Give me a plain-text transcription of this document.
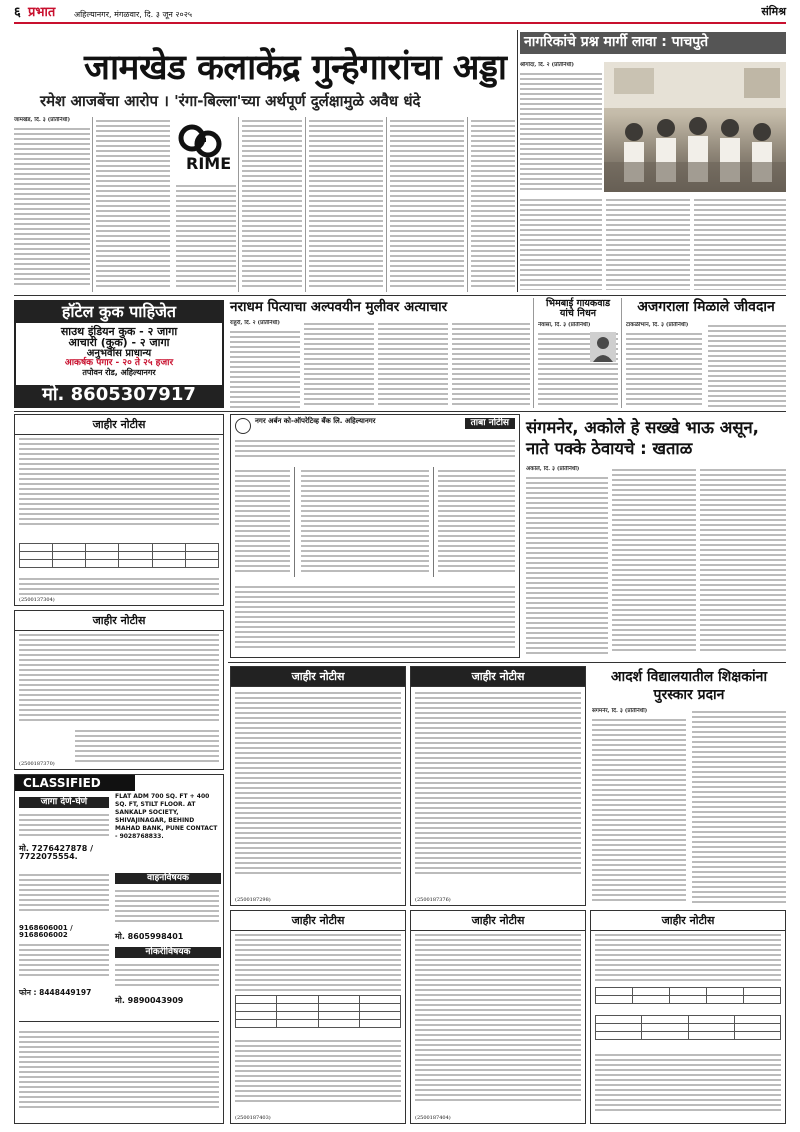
६ प्रभात अहिल्यानगर, मंगळवार, दि. ३ जून २०२५	संमिश्र
जामखेड कलाकेंद्र गुन्हेगारांचा अड्डा
रमेश आजबेंचा आरोप । 'रंगा-बिल्ला'च्या अर्थपूर्ण दुर्लक्षामुळे अवैध धंदे
जामखेड, दि. ३ (प्रतिनिधी)
RIME
नागरिकांचे प्रश्न मार्गी लावा : पाचपुते
श्रीगोंदा, दि. २ (प्रतिनिधी)
हॉटेल कुक पाहिजेत
साउथ इंडियन कुक - २ जागा
आचारी (कुक) - २ जागा
अनुभवींस प्राधान्य
आकर्षक पगार - २० ते २५ हजार
तपोवन रोड, अहिल्यानगर
मो. 8605307917
नराधम पित्याचा अल्पवयीन मुलीवर अत्याचार
राहुरी, दि. २ (प्रतिनिधी)
भिमबाई गायकवाड यांचे निधन
नेवासा, दि. ३ (प्रतिनिधी)
अजगराला मिळाले जीवदान
टाकळीभान, दि. ३ (प्रतिनिधी)
जाहीर नोटीस

(2500137304)
जाहीर नोटीस
(2500187370)
CLASSIFIED
जागा देणे-घेणे
मो. 7276427878 / 7722075554.
FLAT ADM 700 SQ. FT + 400 SQ. FT, STILT FLOOR. AT SANKALP SOCIETY, SHIVAJINAGAR, BEHIND MAHAD BANK, PUNE CONTACT - 9028768833.
वाहनविषयक
9168606001 / 9168606002	मो. 8605998401
फोन : 8448449197
नोकरीविषयक
मो. 9890043909
नगर अर्बन को-ऑपरेटिव्ह बँक लि. अहिल्यानगर	ताबा नोटीस	संगमनेर, अकोले हे सख्खे भाऊ असून, नाते पक्के ठेवायचे : खताळ
अकोले, दि. ३ (प्रतिनिधी)
जाहीर नोटीस
(2500187298)
जाहीर नोटीस
(2500187376)
आदर्श विद्यालयातील शिक्षकांना पुरस्कार प्रदान
संगमनेर, दि. ३ (प्रतिनिधी)
जाहीर नोटीस

(2500187403)
जाहीर नोटीस
(2500187404)
जाहीर नोटीस
